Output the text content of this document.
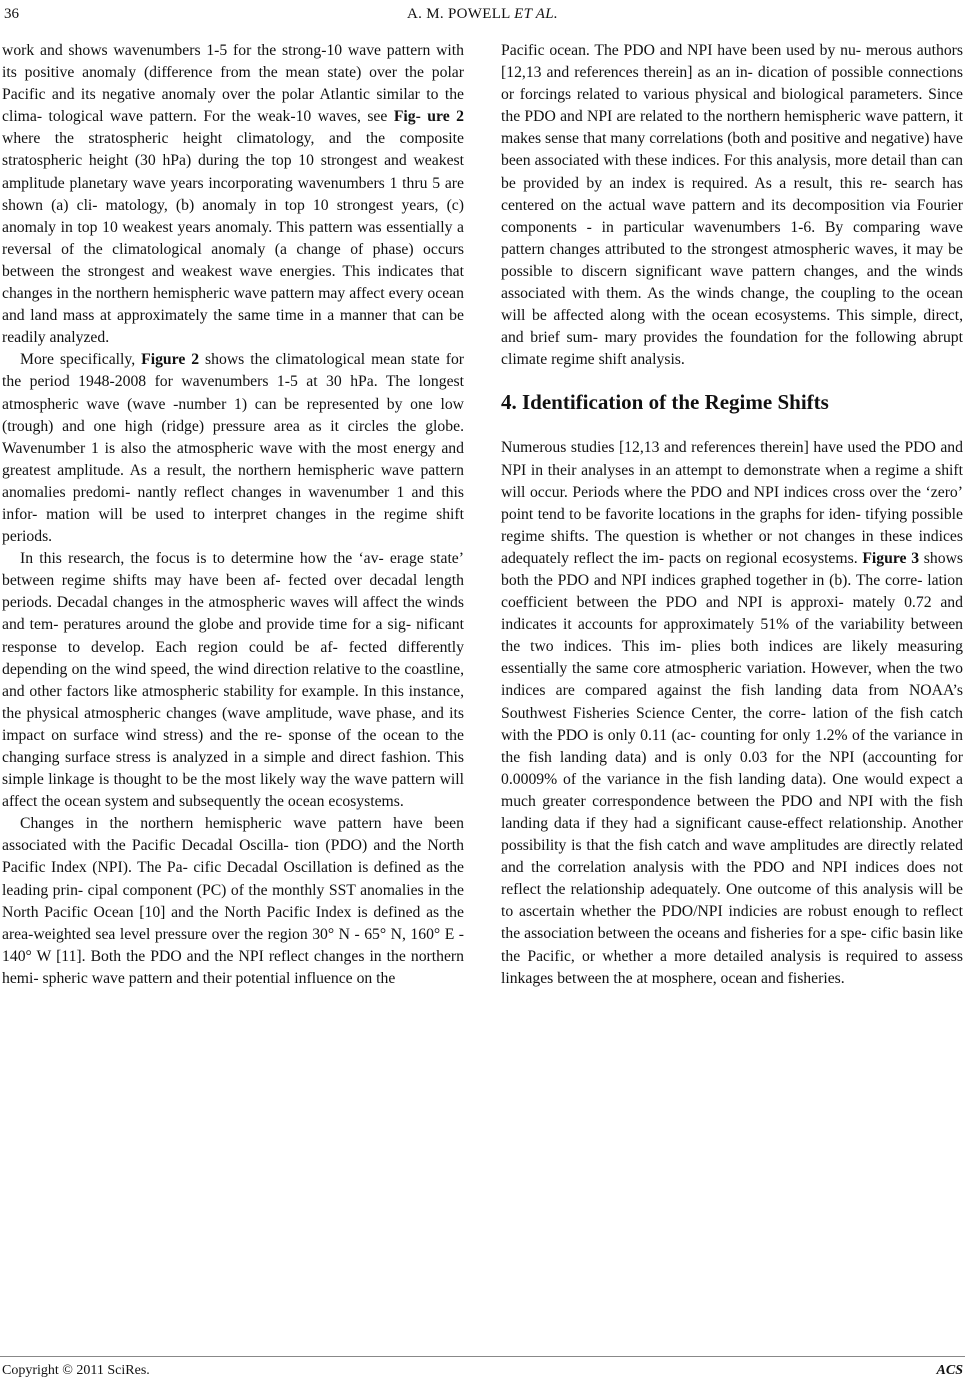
36	A. M. POWELL ET AL.

work and shows wavenumbers 1-5 for the strong-10 wave pattern with its positive anomaly (difference from the mean state) over the polar Pacific and its negative anomaly over the polar Atlantic similar to the clima- tological wave pattern. For the weak-10 waves, see Fig- ure 2 where the stratospheric height climatology, and the composite stratospheric height (30 hPa) during the top 10 strongest and weakest amplitude planetary wave years incorporating wavenumbers 1 thru 5 are shown (a) cli- matology, (b) anomaly in top 10 strongest years, (c) anomaly in top 10 weakest years anomaly. This pattern was essentially a reversal of the climatological anomaly (a change of phase) occurs between the strongest and weakest wave energies. This indicates that changes in the northern hemispheric wave pattern may affect every ocean and land mass at approximately the same time in a manner that can be readily analyzed.

More specifically, Figure 2 shows the climatological mean state for the period 1948-2008 for wavenumbers 1-5 at 30 hPa. The longest atmospheric wave (wave -number 1) can be represented by one low (trough) and one high (ridge) pressure area as it circles the globe. Wavenumber 1 is also the atmospheric wave with the most energy and greatest amplitude. As a result, the northern hemispheric wave pattern anomalies predomi- nantly reflect changes in wavenumber 1 and this infor- mation will be used to interpret changes in the regime shift periods.

In this research, the focus is to determine how the ‘av- erage state’ between regime shifts may have been af- fected over decadal length periods. Decadal changes in the atmospheric waves will affect the winds and tem- peratures around the globe and provide time for a sig- nificant response to develop. Each region could be af- fected differently depending on the wind speed, the wind direction relative to the coastline, and other factors like atmospheric stability for example. In this instance, the physical atmospheric changes (wave amplitude, wave phase, and its impact on surface wind stress) and the re- sponse of the ocean to the changing surface stress is analyzed in a simple and direct fashion. This simple linkage is thought to be the most likely way the wave pattern will affect the ocean system and subsequently the ocean ecosystems.

Changes in the northern hemispheric wave pattern have been associated with the Pacific Decadal Oscilla- tion (PDO) and the North Pacific Index (NPI). The Pa- cific Decadal Oscillation is defined as the leading prin- cipal component (PC) of the monthly SST anomalies in the North Pacific Ocean [10] and the North Pacific Index is defined as the area-weighted sea level pressure over the region 30° N - 65° N, 160° E - 140° W [11]. Both the PDO and the NPI reflect changes in the northern hemi- spheric wave pattern and their potential influence on the

Pacific ocean. The PDO and NPI have been used by nu- merous authors [12,13 and references therein] as an in- dication of possible connections or forcings related to various physical and biological parameters. Since the PDO and NPI are related to the northern hemispheric wave pattern, it makes sense that many correlations (both and positive and negative) have been associated with these indices. For this analysis, more detail than can be provided by an index is required. As a result, this re- search has centered on the actual wave pattern and its decomposition via Fourier components - in particular wavenumbers 1-6. By comparing wave pattern changes attributed to the strongest atmospheric waves, it may be possible to discern significant wave pattern changes, and the winds associated with them. As the winds change, the coupling to the ocean will be affected along with the ocean ecosystems. This simple, direct, and brief sum- mary provides the foundation for the following abrupt climate regime shift analysis.

4. Identification of the Regime Shifts

Numerous studies [12,13 and references therein] have used the PDO and NPI in their analyses in an attempt to demonstrate when a regime a shift will occur. Periods where the PDO and NPI indices cross over the ‘zero’ point tend to be favorite locations in the graphs for iden- tifying possible regime shifts. The question is whether or not changes in these indices adequately reflect the im- pacts on regional ecosystems. Figure 3 shows both the PDO and NPI indices graphed together in (b). The corre- lation coefficient between the PDO and NPI is approxi- mately 0.72 and indicates it accounts for approximately 51% of the variability between the two indices. This im- plies both indices are likely measuring essentially the same core atmospheric variation. However, when the two indices are compared against the fish landing data from NOAA’s Southwest Fisheries Science Center, the corre- lation of the fish catch with the PDO is only 0.11 (ac- counting for only 1.2% of the variance in the fish landing data) and is only 0.03 for the NPI (accounting for 0.0009% of the variance in the fish landing data). One would expect a much greater correspondence between the PDO and NPI with the fish landing data if they had a significant cause-effect relationship. Another possibility is that the fish catch and wave amplitudes are directly related and the correlation analysis with the PDO and NPI indices does not reflect the relationship adequately. One outcome of this analysis will be to ascertain whether the PDO/NPI indicies are robust enough to reflect the association between the oceans and fisheries for a spe- cific basin like the Pacific, or whether a more detailed analysis is required to assess linkages between the at mosphere, ocean and fisheries.

Copyright © 2011 SciRes.	ACS
